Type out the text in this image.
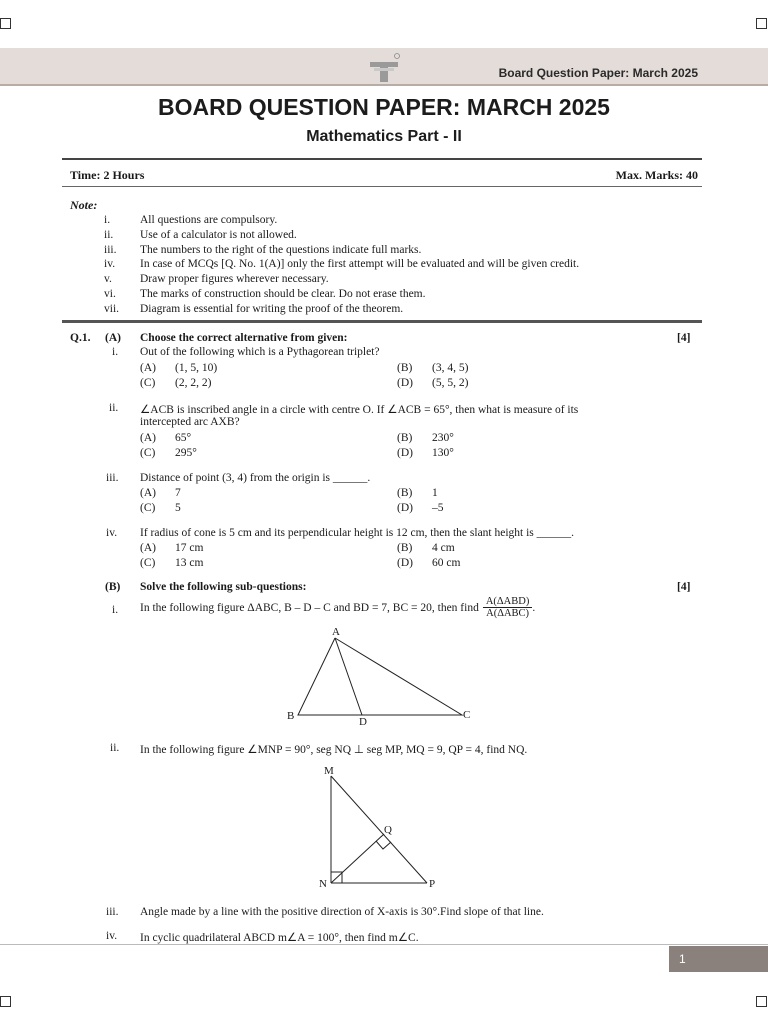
Board Question Paper: March 2025
BOARD QUESTION PAPER: MARCH 2025
Mathematics Part - II
Time: 2 Hours	Max. Marks: 40
Note:
i.	All questions are compulsory.
ii.	Use of a calculator is not allowed.
iii.	The numbers to the right of the questions indicate full marks.
iv.	In case of MCQs [Q. No. 1(A)] only the first attempt will be evaluated and will be given credit.
v.	Draw proper figures wherever necessary.
vi.	The marks of construction should be clear. Do not erase them.
vii.	Diagram is essential for writing the proof of the theorem.
Q.1. (A) Choose the correct alternative from given:	[4]
i. Out of the following which is a Pythagorean triplet?
(A) (1, 5, 10)	(B) (3, 4, 5)
(C) (2, 2, 2)	(D) (5, 5, 2)
ii. ∠ACB is inscribed angle in a circle with centre O. If ∠ACB = 65°, then what is measure of its
intercepted arc AXB?
(A) 65°	(B) 230°
(C) 295°	(D) 130°
iii. Distance of point (3, 4) from the origin is ______.
(A) 7	(B) 1
(C) 5	(D) –5
iv. If radius of cone is 5 cm and its perpendicular height is 12 cm, then the slant height is ______.
(A) 17 cm	(B) 4 cm
(C) 13 cm	(D) 60 cm
(B) Solve the following sub-questions:	[4]
i. In the following figure ΔABC, B – D – C and BD = 7, BC = 20, then find $\frac{\text{A(ΔABD)}}{\text{A(ΔABC)}}$ .
A
B	C
D
ii. In the following figure ∠MNP = 90°, seg NQ ⊥ seg MP, MQ = 9, QP = 4, find NQ.
M
N	P
Q
iii. Angle made by a line with the positive direction of X-axis is 30°.Find slope of that line.
iv. In cyclic quadrilateral ABCD m∠A = 100°, then find m∠C.
1
